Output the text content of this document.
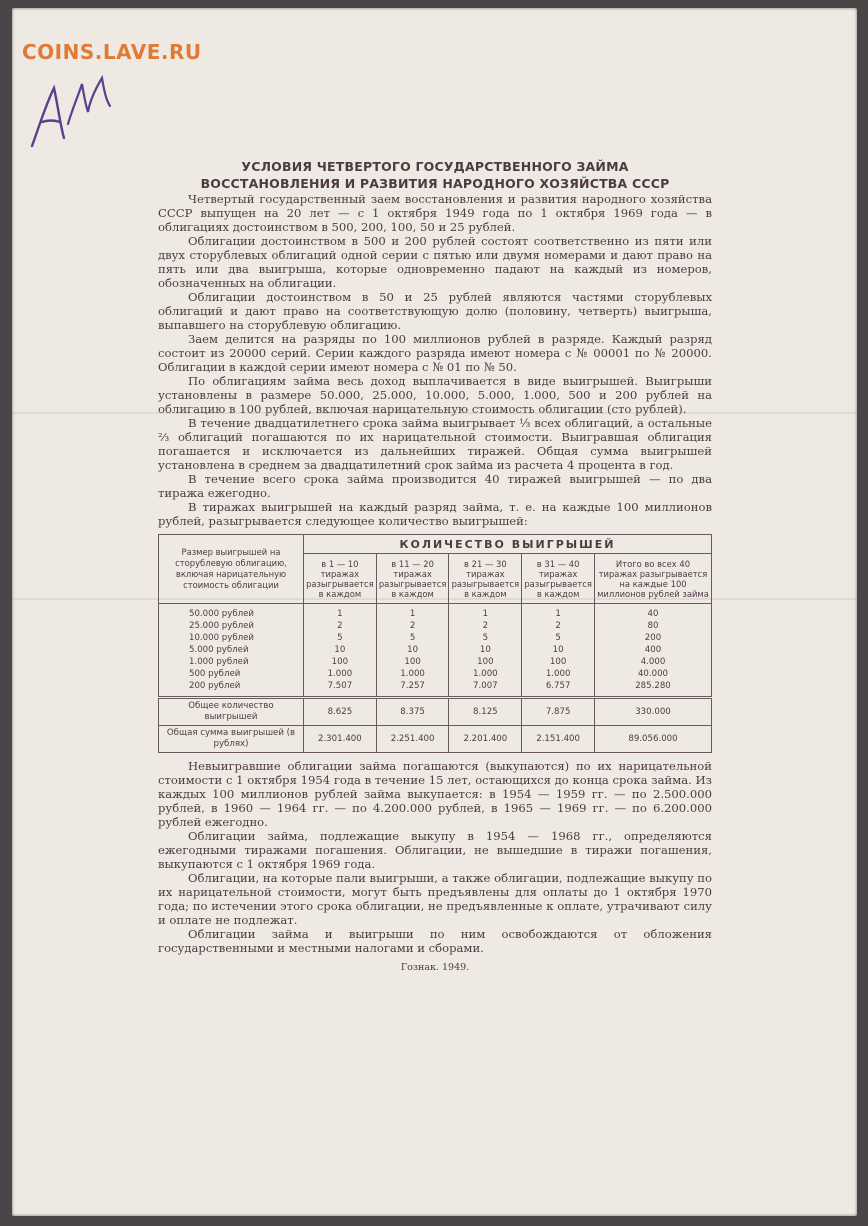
COINS.LAVE.RU
УСЛОВИЯ ЧЕТВЕРТОГО ГОСУДАРСТВЕННОГО ЗАЙМА
ВОССТАНОВЛЕНИЯ И РАЗВИТИЯ НАРОДНОГО ХОЗЯЙСТВА СССР

Четвертый государственный заем восстановления и развития народного хозяйства СССР выпущен на 20 лет — с 1 октября 1949 года по 1 октября 1969 года — в облигациях достоинством в 500, 200, 100, 50 и 25 рублей.

Облигации достоинством в 500 и 200 рублей состоят соответственно из пяти или двух сторублевых облигаций одной серии с пятью или двумя номерами и дают право на пять или два выигрыша, которые одновременно падают на каждый из номеров, обозначенных на облигации.

Облигации достоинством в 50 и 25 рублей являются частями сторублевых облигаций и дают право на соответствующую долю (половину, четверть) выигрыша, выпавшего на сторублевую облигацию.

Заем делится на разряды по 100 миллионов рублей в разряде. Каждый разряд состоит из 20000 серий. Серии каждого разряда имеют номера с № 00001 по № 20000. Облигации в каждой серии имеют номера с № 01 по № 50.

По облигациям займа весь доход выплачивается в виде выигрышей. Выигрыши установлены в размере 50.000, 25.000, 10.000, 5.000, 1.000, 500 и 200 рублей на облигацию в 100 рублей, включая нарицательную стоимость облигации (сто рублей).

В течение двадцатилетнего срока займа выигрывает ⅓ всех облигаций, а остальные ⅔ облигаций погашаются по их нарицательной стоимости. Выигравшая облигация погашается и исключается из дальнейших тиражей. Общая сумма выигрышей установлена в среднем за двадцатилетний срок займа из расчета 4 процента в год.

В течение всего срока займа производится 40 тиражей выигрышей — по два тиража ежегодно.

В тиражах выигрышей на каждый разряд займа, т. е. на каждые 100 миллионов рублей, разыгрывается следующее количество выигрышей:

Размер выигрышей на сторублевую облигацию, включая нарицательную стоимость облигации	КОЛИЧЕСТВО ВЫИГРЫШЕЙ				
	в 1 — 10 тиражах разыгрывается в каждом	в 11 — 20 тиражах разыгрывается в каждом	в 21 — 30 тиражах разыгрывается в каждом	в 31 — 40 тиражах разыгрывается в каждом	Итого во всех 40 тиражах разыгрывается на каждые 100 миллионов рублей займа
50.000 рублей	1	1	1	1	40
25.000 рублей	2	2	2	2	80
10.000 рублей	5	5	5	5	200
5.000 рублей	10	10	10	10	400
1.000 рублей	100	100	100	100	4.000
500 рублей	1.000	1.000	1.000	1.000	40.000
200 рублей	7.507	7.257	7.007	6.757	285.280
Общее количество выигрышей	8.625	8.375	8.125	7.875	330.000
Общая сумма выигрышей (в рублях)	2.301.400	2.251.400	2.201.400	2.151.400	89.056.000

Невыигравшие облигации займа погашаются (выкупаются) по их нарицательной стоимости с 1 октября 1954 года в течение 15 лет, остающихся до конца срока займа. Из каждых 100 миллионов рублей займа выкупается: в 1954 — 1959 гг. — по 2.500.000 рублей, в 1960 — 1964 гг. — по 4.200.000 рублей, в 1965 — 1969 гг. — по 6.200.000 рублей ежегодно.

Облигации займа, подлежащие выкупу в 1954 — 1968 гг., определяются ежегодными тиражами погашения. Облигации, не вышедшие в тиражи погашения, выкупаются с 1 октября 1969 года.

Облигации, на которые пали выигрыши, а также облигации, подлежащие выкупу по их нарицательной стоимости, могут быть предъявлены для оплаты до 1 октября 1970 года; по истечении этого срока облигации, не предъявленные к оплате, утрачивают силу и оплате не подлежат.

Облигации займа и выигрыши по ним освобождаются от обложения государственными и местными налогами и сборами.

Гознак. 1949.
